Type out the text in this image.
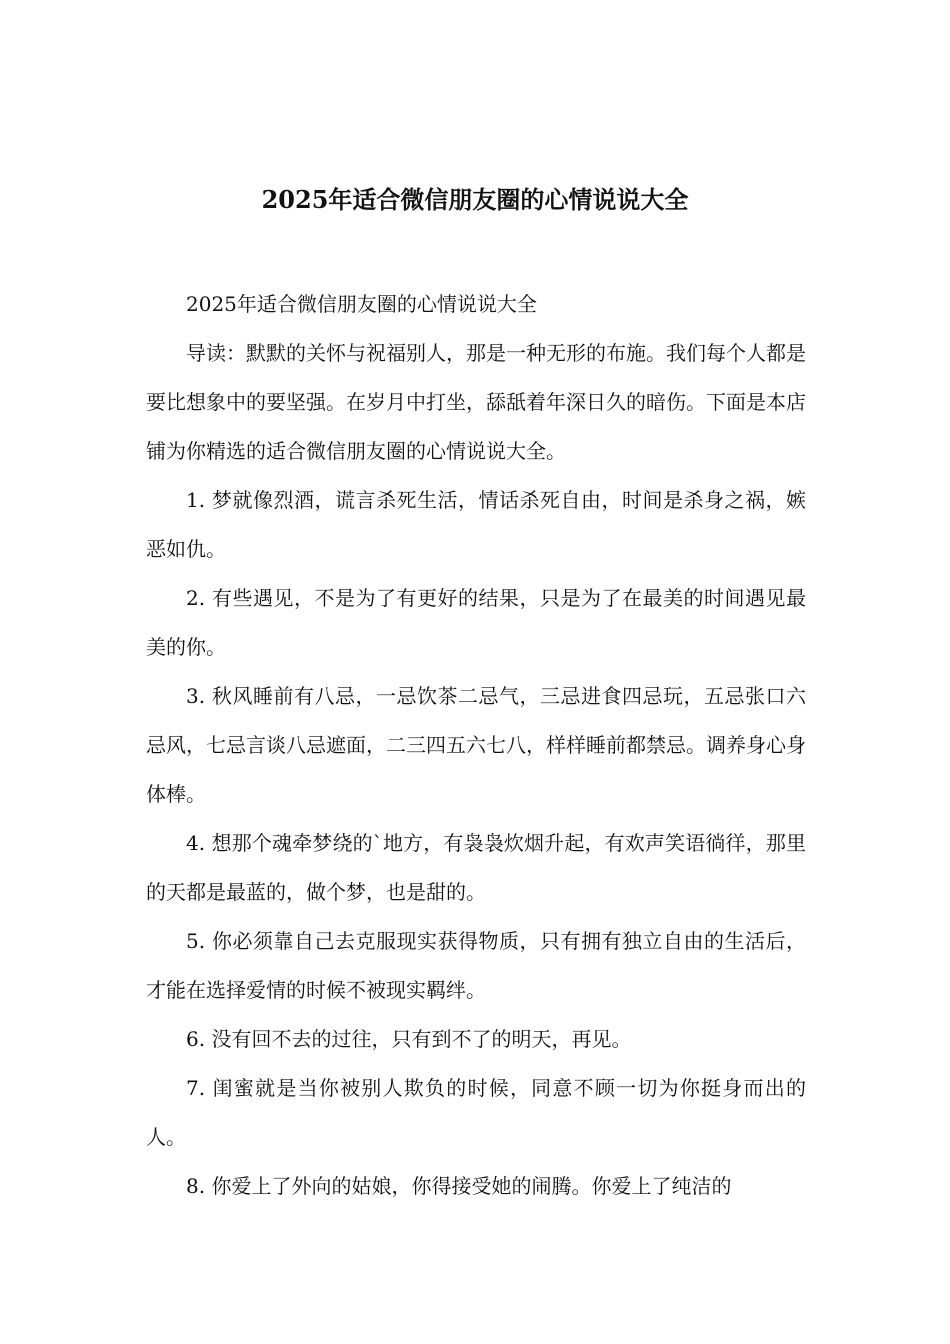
2025年适合微信朋友圈的心情说说大全

2025年适合微信朋友圈的心情说说大全

导读：默默的关怀与祝福别人，那是一种无形的布施。我们每个人都是要比想象中的要坚强。在岁月中打坐，舔舐着年深日久的暗伤。下面是本店铺为你精选的适合微信朋友圈的心情说说大全。

1. 梦就像烈酒，谎言杀死生活，情话杀死自由，时间是杀身之祸，嫉恶如仇。

2. 有些遇见，不是为了有更好的结果，只是为了在最美的时间遇见最美的你。

3. 秋风睡前有八忌，一忌饮茶二忌气，三忌进食四忌玩，五忌张口六忌风，七忌言谈八忌遮面，二三四五六七八，样样睡前都禁忌。调养身心身体棒。

4. 想那个魂牵梦绕的`地方，有袅袅炊烟升起，有欢声笑语徜徉，那里的天都是最蓝的，做个梦，也是甜的。

5. 你必须靠自己去克服现实获得物质，只有拥有独立自由的生活后，才能在选择爱情的时候不被现实羁绊。

6. 没有回不去的过往，只有到不了的明天，再见。

7. 闺蜜就是当你被别人欺负的时候，同意不顾一切为你挺身而出的人。

8. 你爱上了外向的姑娘，你得接受她的闹腾。你爱上了纯洁的
